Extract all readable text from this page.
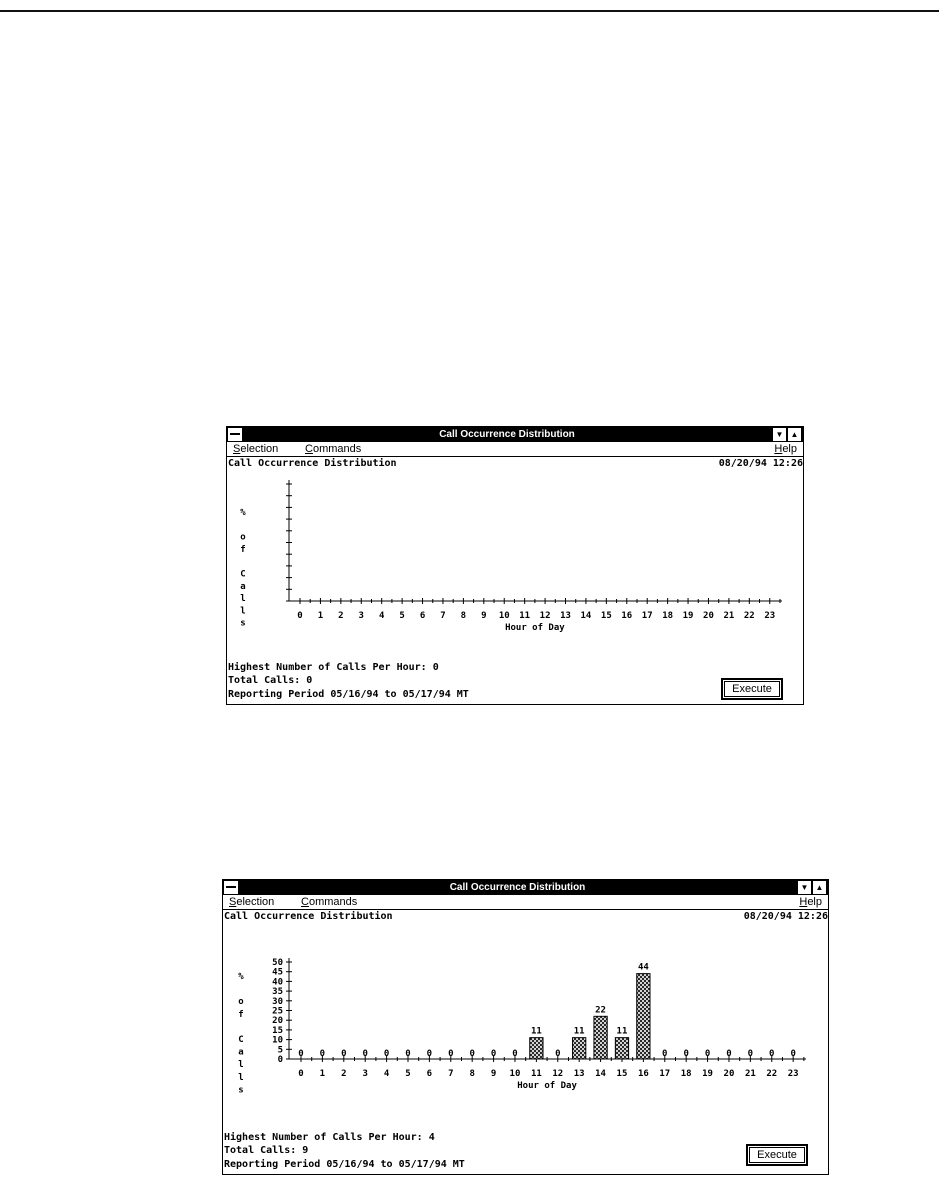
Call Occurrence Distribution	▼ ▲
Selection Commands	Help
Call Occurrence Distribution	08/20/94 12:26
%
o
f
C
a
l
l
s
0 1 2 3 4 5 6 7 8 9 10 11 12 13 14 15 16 17 18 19 20 21 22 23
Hour of Day
Highest Number of Calls Per Hour: 0
Total Calls: 0
Reporting Period 05/16/94 to 05/17/94 MT	Execute
Call Occurrence Distribution	▼ ▲
Selection Commands	Help
Call Occurrence Distribution	08/20/94 12:26
%
o
f
C
a
l
l
s
0
5
10
15
20
25
30
35
40
45
50
0 1 2 3 4 5 6 7 8 9 10 11 12 13 14 15 16 17 18 19 20 21 22 23
Hour of Day
0 0 0 0 0 0 0 0 0 0 0
11
0
11
22
11
44
0 0 0 0 0 0 0
Highest Number of Calls Per Hour: 4
Total Calls: 9
Reporting Period 05/16/94 to 05/17/94 MT
Execute
